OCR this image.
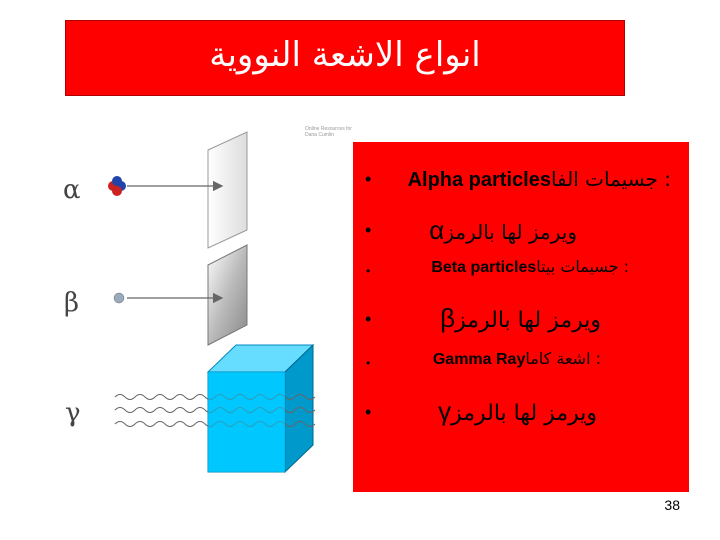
انواع الاشعة النووية
Online Resources for
Dana Cumlin
α
β
γ
•	: جسيمات الفاAlpha particles
•	ويرمز لها بالرمزα
•	: جسيمات بيتاBeta particles
•	ويرمز لها بالرمزβ
•	: اشعة كاماGamma Ray
•	ويرمز لها بالرمزγ
38
